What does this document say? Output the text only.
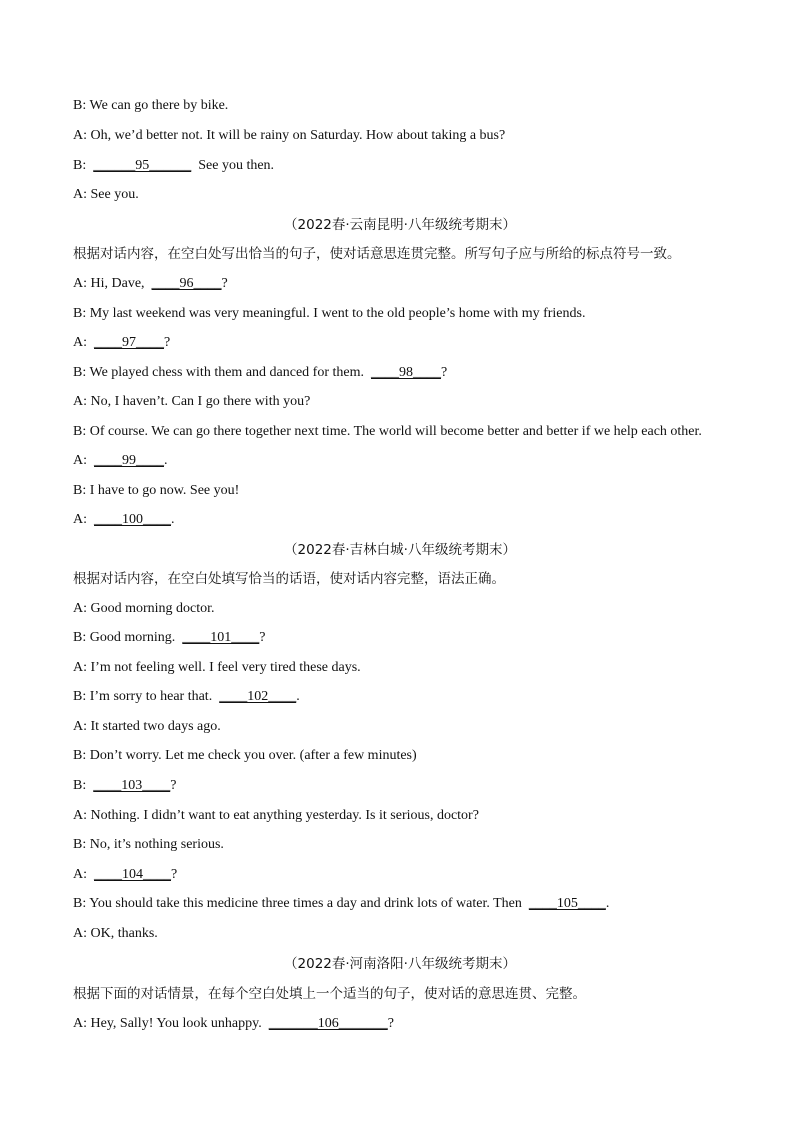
B: We can go there by bike.
A: Oh, we’d better not. It will be rainy on Saturday. How about taking a bus?
B: ______95______  See you then.
A: See you.
（2022春·云南昆明·八年级统考期末）
根据对话内容，在空白处写出恰当的句子，使对话意思连贯完整。所写句子应与所给的标点符号一致。
A: Hi, Dave,  ____96____?
B: My last weekend was very meaningful. I went to the old people’s home with my friends.
A: ____97____?
B: We played chess with them and danced for them.  ____98____?
A: No, I haven’t. Can I go there with you?
B: Of course. We can go there together next time. The world will become better and better if we help each other.
A: ____99____.
B: I have to go now. See you!
A: ____100____.
（2022春·吉林白城·八年级统考期末）
根据对话内容，在空白处填写恰当的话语，使对话内容完整，语法正确。
A: Good morning doctor.
B: Good morning.  ____101____?
A: I’m not feeling well. I feel very tired these days.
B: I’m sorry to hear that.  ____102____.
A: It started two days ago.
B: Don’t worry. Let me check you over. (after a few minutes)
B: ____103____?
A: Nothing. I didn’t want to eat anything yesterday. Is it serious, doctor?
B: No, it’s nothing serious.
A: ____104____?
B: You should take this medicine three times a day and drink lots of water. Then  ____105____.
A: OK, thanks.
（2022春·河南洛阳·八年级统考期末）
根据下面的对话情景，在每个空白处填上一个适当的句子，使对话的意思连贯、完整。
A: Hey, Sally! You look unhappy.  _______106_______?
